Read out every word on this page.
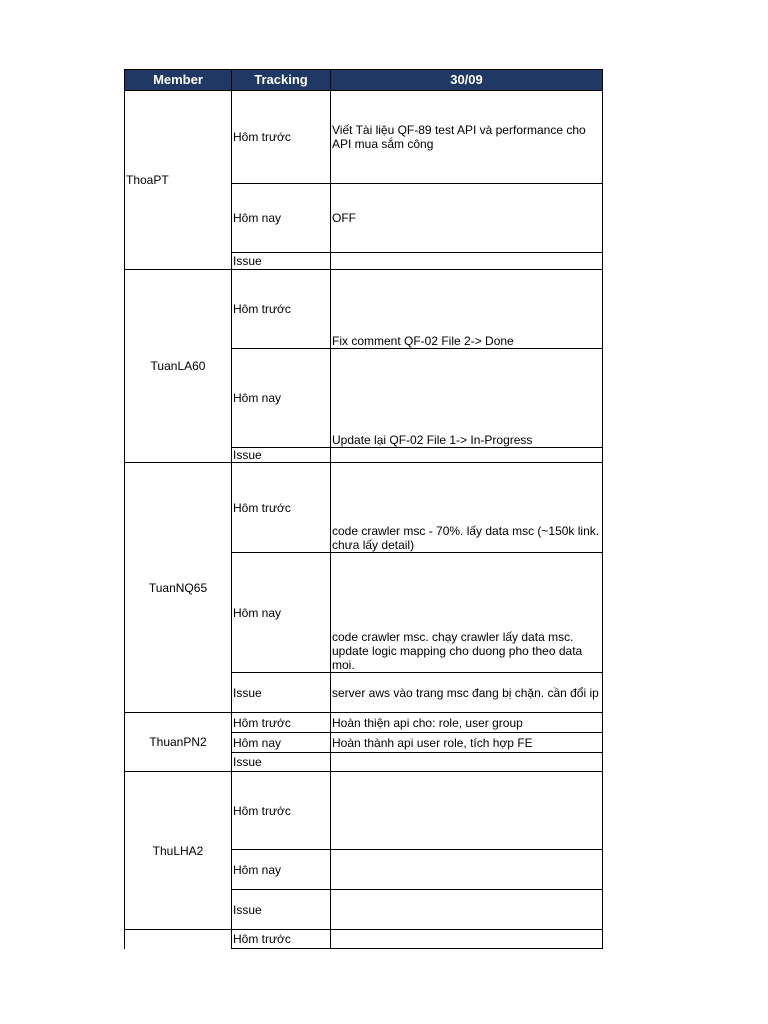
Member	Tracking	30/09
ThoaPT	Hôm trước	Viết Tài liệu QF-89 test API và performance cho API mua sắm công
	Hôm nay	OFF
	Issue	
TuanLA60	Hôm trước	Fix comment QF-02 File 2-> Done
	Hôm nay	Update lại QF-02 File 1-> In-Progress
	Issue	
TuanNQ65	Hôm trước	code crawler msc - 70%. lấy data msc (~150k link. chưa lấy detail)
	Hôm nay	code crawler msc. chạy crawler lấy data msc. update logic mapping cho duong pho theo data moi.
	Issue	server aws vào trang msc đang bị chặn. cần đổi ip
ThuanPN2	Hôm trước	Hoàn thiện api cho: role, user group
	Hôm nay	Hoàn thành api user role, tích hợp FE
	Issue	
ThuLHA2	Hôm trước	
	Hôm nay	
	Issue	
	Hôm trước	
